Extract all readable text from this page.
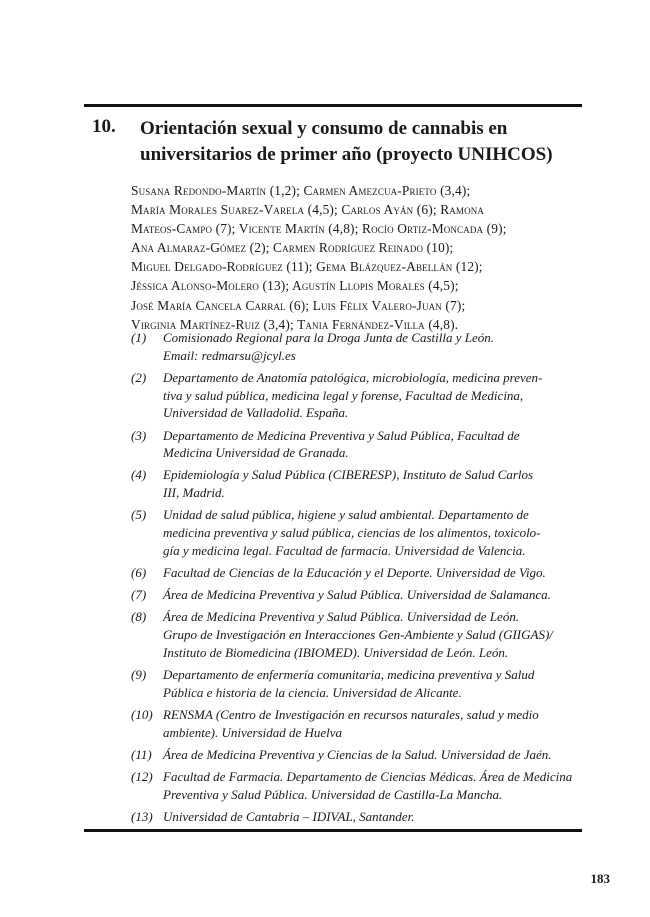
10. Orientación sexual y consumo de cannabis en
universitarios de primer año (proyecto UNIHCOS)
Susana Redondo-Martín (1,2); Carmen Amezcua-Prieto (3,4);
María Morales Suarez-Varela (4,5); Carlos Ayán (6); Ramona
Mateos-Campo (7); Vicente Martín (4,8); Rocío Ortiz-Moncada (9);
Ana Almaraz-Gómez (2); Carmen Rodríguez Reinado (10);
Miguel Delgado-Rodríguez (11); Gema Blázquez-Abellán (12);
Jéssica Alonso-Molero (13); Agustín Llopis Morales (4,5);
José María Cancela Carral (6); Luis Félix Valero-Juan (7);
Virginia Martínez-Ruiz (3,4); Tania Fernández-Villa (4,8).
(1) Comisionado Regional para la Droga Junta de Castilla y León.
Email: redmarsu@jcyl.es
(2) Departamento de Anatomía patológica, microbiología, medicina preven-
tiva y salud pública, medicina legal y forense, Facultad de Medicina,
Universidad de Valladolid. España.
(3) Departamento de Medicina Preventiva y Salud Pública, Facultad de
Medicina Universidad de Granada.
(4) Epidemiología y Salud Pública (CIBERESP), Instituto de Salud Carlos
III, Madrid.
(5) Unidad de salud pública, higiene y salud ambiental. Departamento de
medicina preventiva y salud pública, ciencias de los alimentos, toxicolo-
gía y medicina legal. Facultad de farmacia. Universidad de Valencia.
(6) Facultad de Ciencias de la Educación y el Deporte. Universidad de Vigo.
(7) Área de Medicina Preventiva y Salud Pública. Universidad de Salamanca.
(8) Área de Medicina Preventiva y Salud Pública. Universidad de León.
Grupo de Investigación en Interacciones Gen-Ambiente y Salud (GIIGAS)/
Instituto de Biomedicina (IBIOMED). Universidad de León. León.
(9) Departamento de enfermería comunitaria, medicina preventiva y Salud
Pública e historia de la ciencia. Universidad de Alicante.
(10) RENSMA (Centro de Investigación en recursos naturales, salud y medio
ambiente). Universidad de Huelva
(11) Área de Medicina Preventiva y Ciencias de la Salud. Universidad de Jaén.
(12) Facultad de Farmacia. Departamento de Ciencias Médicas. Área de Medicina
Preventiva y Salud Pública. Universidad de Castilla-La Mancha.
(13) Universidad de Cantabria – IDIVAL, Santander.
183
